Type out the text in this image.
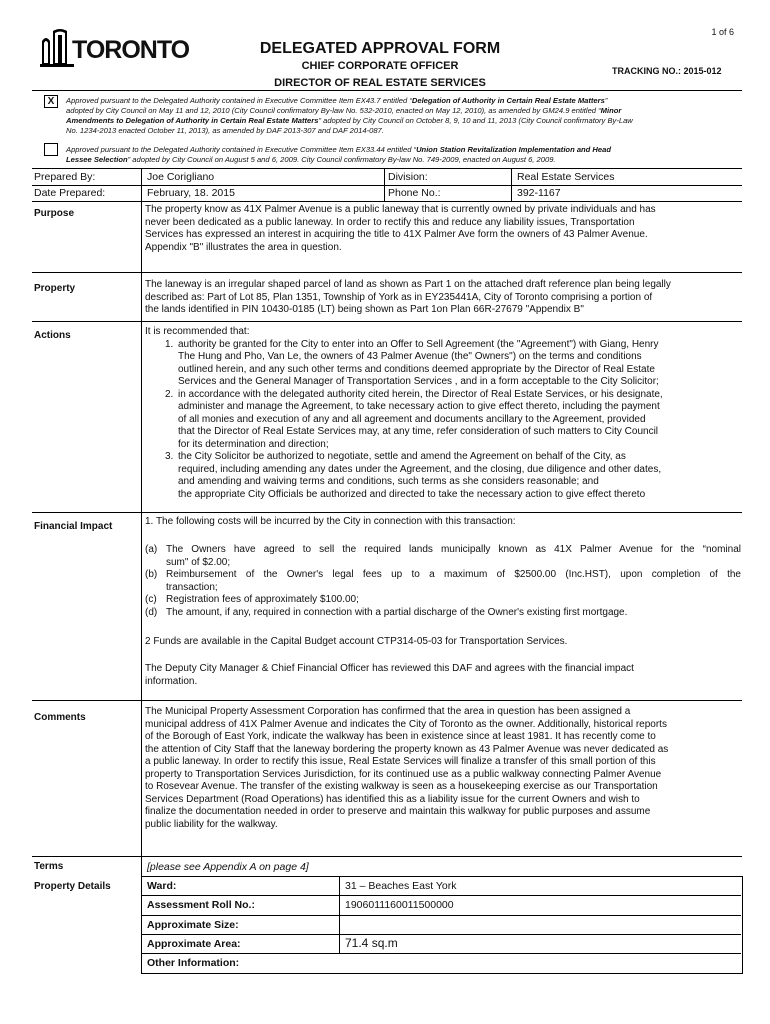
1 of 6
TORONTO	DELEGATED APPROVAL FORM
CHIEF CORPORATE OFFICER
DIRECTOR OF REAL ESTATE SERVICES
TRACKING NO.: 2015-012
X	Approved pursuant to the Delegated Authority contained in Executive Committee Item EX43.7 entitled “Delegation of Authority in Certain Real Estate Matters”
adopted by City Council on May 11 and 12, 2010 (City Council confirmatory By-law No. 532-2010, enacted on May 12, 2010), as amended by GM24.9 entitled “Minor
Amendments to Delegation of Authority in Certain Real Estate Matters” adopted by City Council on October 8, 9, 10 and 11, 2013 (City Council confirmatory By-Law
No. 1234-2013 enacted October 11, 2013), as amended by DAF 2013-307 and DAF 2014-087.
Approved pursuant to the Delegated Authority contained in Executive Committee Item EX33.44 entitled “Union Station Revitalization Implementation and Head
Lessee Selection” adopted by City Council on August 5 and 6, 2009. City Council confirmatory By-law No. 749-2009, enacted on August 6, 2009.
Prepared By:	Joe Corigliano	Division:	Real Estate Services
Date Prepared:	February, 18. 2015	Phone No.:	392-1167
Purpose	The property know as 41X Palmer Avenue is a public laneway that is currently owned by private individuals and has
never been dedicated as a public laneway. In order to rectify this and reduce any liability issues, Transportation
Services has expressed an interest in acquiring the title to 41X Palmer Ave form the owners of 43 Palmer Avenue.
Appendix "B" illustrates the area in question.
Property	The laneway is an irregular shaped parcel of land as shown as Part 1 on the attached draft reference plan being legally
described as: Part of Lot 85, Plan 1351, Township of York as in EY235441A, City of Toronto comprising a portion of
the lands identified in PIN 10430-0185 (LT) being shown as Part 1on Plan 66R-27679 "Appendix B"
Actions	It is recommended that:
1. authority be granted for the City to enter into an Offer to Sell Agreement (the "Agreement") with Giang, Henry
The Hung and Pho, Van Le, the owners of 43 Palmer Avenue (the" Owners") on the terms and conditions
outlined herein, and any such other terms and conditions deemed appropriate by the Director of Real Estate
Services and the General Manager of Transportation Services , and in a form acceptable to the City Solicitor;
2. in accordance with the delegated authority cited herein, the Director of Real Estate Services, or his designate,
administer and manage the Agreement, to take necessary action to give effect thereto, including the payment
of all monies and execution of any and all agreement and documents ancillary to the Agreement, provided
that the Director of Real Estate Services may, at any time, refer consideration of such matters to City Council
for its determination and direction;
3. the City Solicitor be authorized to negotiate, settle and amend the Agreement on behalf of the City, as
required, including amending any dates under the Agreement, and the closing, due diligence and other dates,
and amending and waiving terms and conditions, such terms as she considers reasonable; and
the appropriate City Officials be authorized and directed to take the necessary action to give effect thereto
Financial Impact	1. The following costs will be incurred by the City in connection with this transaction:
(a) The Owners have agreed to sell the required lands municipally known as 41X Palmer Avenue for the “nominal
sum" of $2.00;
(b) Reimbursement of the Owner's legal fees up to a maximum of $2500.00 (Inc.HST), upon completion of the
transaction;
(c) Registration fees of approximately $100.00;
(d) The amount, if any, required in connection with a partial discharge of the Owner's existing first mortgage.
2 Funds are available in the Capital Budget account CTP314-05-03 for Transportation Services.
The Deputy City Manager & Chief Financial Officer has reviewed this DAF and agrees with the financial impact
information.
Comments
The Municipal Property Assessment Corporation has confirmed that the area in question has been assigned a
municipal address of 41X Palmer Avenue and indicates the City of Toronto as the owner. Additionally, historical reports
of the Borough of East York, indicate the walkway has been in existence since at least 1981. It has recently come to
the attention of City Staff that the laneway bordering the property known as 43 Palmer Avenue was never dedicated as
a public laneway. In order to rectify this issue, Real Estate Services will finalize a transfer of this small portion of this
property to Transportation Services Jurisdiction, for its continued use as a public walkway connecting Palmer Avenue
to Rosevear Avenue. The transfer of the existing walkway is seen as a housekeeping exercise as our Transportation
Services Department (Road Operations) has identified this as a liability issue for the current Owners and wish to
finalize the documentation needed in order to preserve and maintain this walkway for public purposes and assume
public liability for the walkway.
Terms	[please see Appendix A on page 4]
Property Details	Ward:	31 – Beaches East York
Assessment Roll No.:	1906011160011500000
Approximate Size:
Approximate Area:	71.4 sq.m
Other Information:
